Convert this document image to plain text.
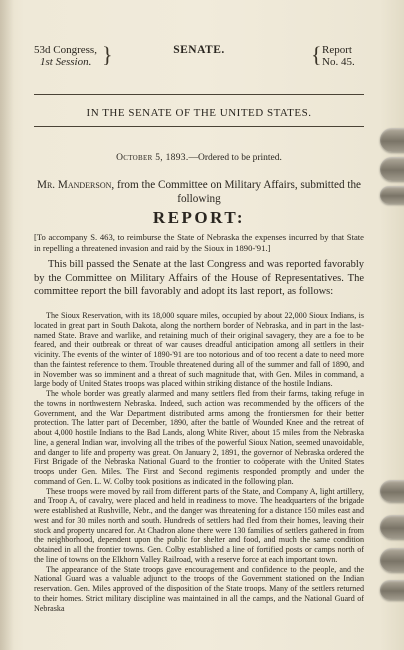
53d Congress,
1st Session. }	SENATE.	{ Report
No. 45.
IN THE SENATE OF THE UNITED STATES.
October 5, 1893.—Ordered to be printed.
Mr. Manderson, from the Committee on Military Affairs, submitted the following
REPORT:
[To accompany S. 463, to reimburse the State of Nebraska the expenses incurred by that State in repelling a threatened invasion and raid by the Sioux in 1890-'91.]
This bill passed the Senate at the last Congress and was reported favorably by the Committee on Military Affairs of the House of Representatives. The committee report the bill favorably and adopt its last report, as follows:

The Sioux Reservation, with its 18,000 square miles, occupied by about 22,000 Sioux Indians, is located in great part in South Dakota, along the northern border of Nebraska, and in part in the last-named State. Brave and warlike, and retaining much of their original savagery, they are a foe to be feared, and their outbreak or threat of war causes dreadful anticipation among all settlers in their vicinity. The events of the winter of 1890-'91 are too notorious and of too recent a date to need more than the faintest reference to them. Trouble threatened during all of the summer and fall of 1890, and in November was so imminent and a threat of such magnitude that, with Gen. Miles in command, a large body of United States troops was placed within striking distance of the hostile Indians.

The whole border was greatly alarmed and many settlers fled from their farms, taking refuge in the towns in northwestern Nebraska. Indeed, such action was recommended by the officers of the Government, and the War Department distributed arms among the frontiersmen for their better protection. The latter part of December, 1890, after the battle of Wounded Knee and the retreat of about 4,000 hostile Indians to the Bad Lands, along White River, about 15 miles from the Nebraska line, a general Indian war, involving all the tribes of the powerful Sioux Nation, seemed unavoidable, and danger to life and property was great. On January 2, 1891, the governor of Nebraska ordered the First Brigade of the Nebraska National Guard to the frontier to coöperate with the United States troops under Gen. Miles. The First and Second regiments responded promptly and under the command of Gen. L. W. Colby took positions as indicated in the following plan.

These troops were moved by rail from different parts of the State, and Company A, light artillery, and Troop A, of cavalry, were placed and held in readiness to move. The headquarters of the brigade were established at Rushville, Nebr., and the danger was threatening for a distance 150 miles east and west and for 30 miles north and south. Hundreds of settlers had fled from their homes, leaving their stock and property uncared for. At Chadron alone there were 130 families of settlers gathered in from the neighborhood, dependent upon the public for shelter and food, and much the same condition obtained in all the frontier towns. Gen. Colby established a line of fortified posts or camps north of the line of towns on the Elkhorn Valley Railroad, with a reserve force at each important town.

The appearance of the State troops gave encouragement and confidence to the people, and the National Guard was a valuable adjunct to the troops of the Government stationed on the Indian reservation. Gen. Miles approved of the disposition of the State troops. Many of the settlers returned to their homes. Strict military discipline was maintained in all the camps, and the National Guard of Nebraska
